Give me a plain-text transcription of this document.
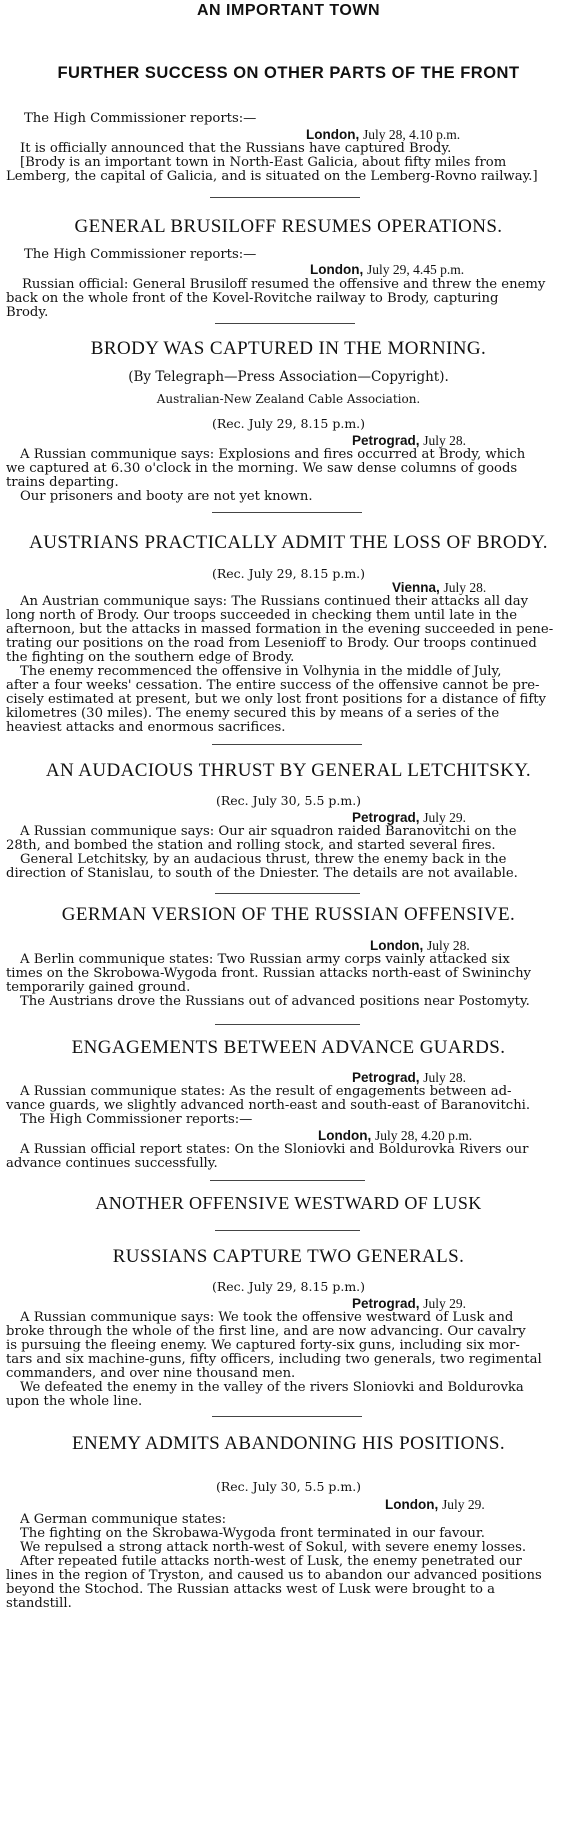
AN IMPORTANT TOWN
FURTHER SUCCESS ON OTHER PARTS OF THE FRONT
The High Commissioner reports:—
London, July 28, 4.10 p.m.
It is officially announced that the Russians have captured Brody.
[Brody is an important town in North-East Galicia, about fifty miles from
Lemberg, the capital of Galicia, and is situated on the Lemberg-Rovno railway.]
GENERAL BRUSILOFF RESUMES OPERATIONS.
The High Commissioner reports:—
London, July 29, 4.45 p.m.
Russian official: General Brusiloff resumed the offensive and threw the enemy
back on the whole front of the Kovel-Rovitche railway to Brody, capturing
Brody.
BRODY WAS CAPTURED IN THE MORNING.
(By Telegraph—Press Association—Copyright).
Australian-New Zealand Cable Association.
(Rec. July 29, 8.15 p.m.)
Petrograd, July 28.
A Russian communique says: Explosions and fires occurred at Brody, which
we captured at 6.30 o'clock in the morning. We saw dense columns of goods
trains departing.
Our prisoners and booty are not yet known.
AUSTRIANS PRACTICALLY ADMIT THE LOSS OF BRODY.
(Rec. July 29, 8.15 p.m.)
Vienna, July 28.
An Austrian communique says: The Russians continued their attacks all day
long north of Brody. Our troops succeeded in checking them until late in the
afternoon, but the attacks in massed formation in the evening succeeded in pene-
trating our positions on the road from Lesenioff to Brody. Our troops continued
the fighting on the southern edge of Brody.
The enemy recommenced the offensive in Volhynia in the middle of July,
after a four weeks' cessation. The entire success of the offensive cannot be pre-
cisely estimated at present, but we only lost front positions for a distance of fifty
kilometres (30 miles). The enemy secured this by means of a series of the
heaviest attacks and enormous sacrifices.
AN AUDACIOUS THRUST BY GENERAL LETCHITSKY.
(Rec. July 30, 5.5 p.m.)
Petrograd, July 29.
A Russian communique says: Our air squadron raided Baranovitchi on the
28th, and bombed the station and rolling stock, and started several fires.
General Letchitsky, by an audacious thrust, threw the enemy back in the
direction of Stanislau, to south of the Dniester. The details are not available.
GERMAN VERSION OF THE RUSSIAN OFFENSIVE.
London, July 28.
A Berlin communique states: Two Russian army corps vainly attacked six
times on the Skrobowa-Wygoda front. Russian attacks north-east of Swininchy
temporarily gained ground.
The Austrians drove the Russians out of advanced positions near Postomyty.
ENGAGEMENTS BETWEEN ADVANCE GUARDS.
Petrograd, July 28.
A Russian communique states: As the result of engagements between ad-
vance guards, we slightly advanced north-east and south-east of Baranovitchi.
The High Commissioner reports:—
London, July 28, 4.20 p.m.
A Russian official report states: On the Sloniovki and Boldurovka Rivers our
advance continues successfully.
ANOTHER OFFENSIVE WESTWARD OF LUSK
RUSSIANS CAPTURE TWO GENERALS.
(Rec. July 29, 8.15 p.m.)
Petrograd, July 29.
A Russian communique says: We took the offensive westward of Lusk and
broke through the whole of the first line, and are now advancing. Our cavalry
is pursuing the fleeing enemy. We captured forty-six guns, including six mor-
tars and six machine-guns, fifty officers, including two generals, two regimental
commanders, and over nine thousand men.
We defeated the enemy in the valley of the rivers Sloniovki and Boldurovka
upon the whole line.
ENEMY ADMITS ABANDONING HIS POSITIONS.
(Rec. July 30, 5.5 p.m.)
London, July 29.
A German communique states:
The fighting on the Skrobawa-Wygoda front terminated in our favour.
We repulsed a strong attack north-west of Sokul, with severe enemy losses.
After repeated futile attacks north-west of Lusk, the enemy penetrated our
lines in the region of Tryston, and caused us to abandon our advanced positions
beyond the Stochod. The Russian attacks west of Lusk were brought to a
standstill.
